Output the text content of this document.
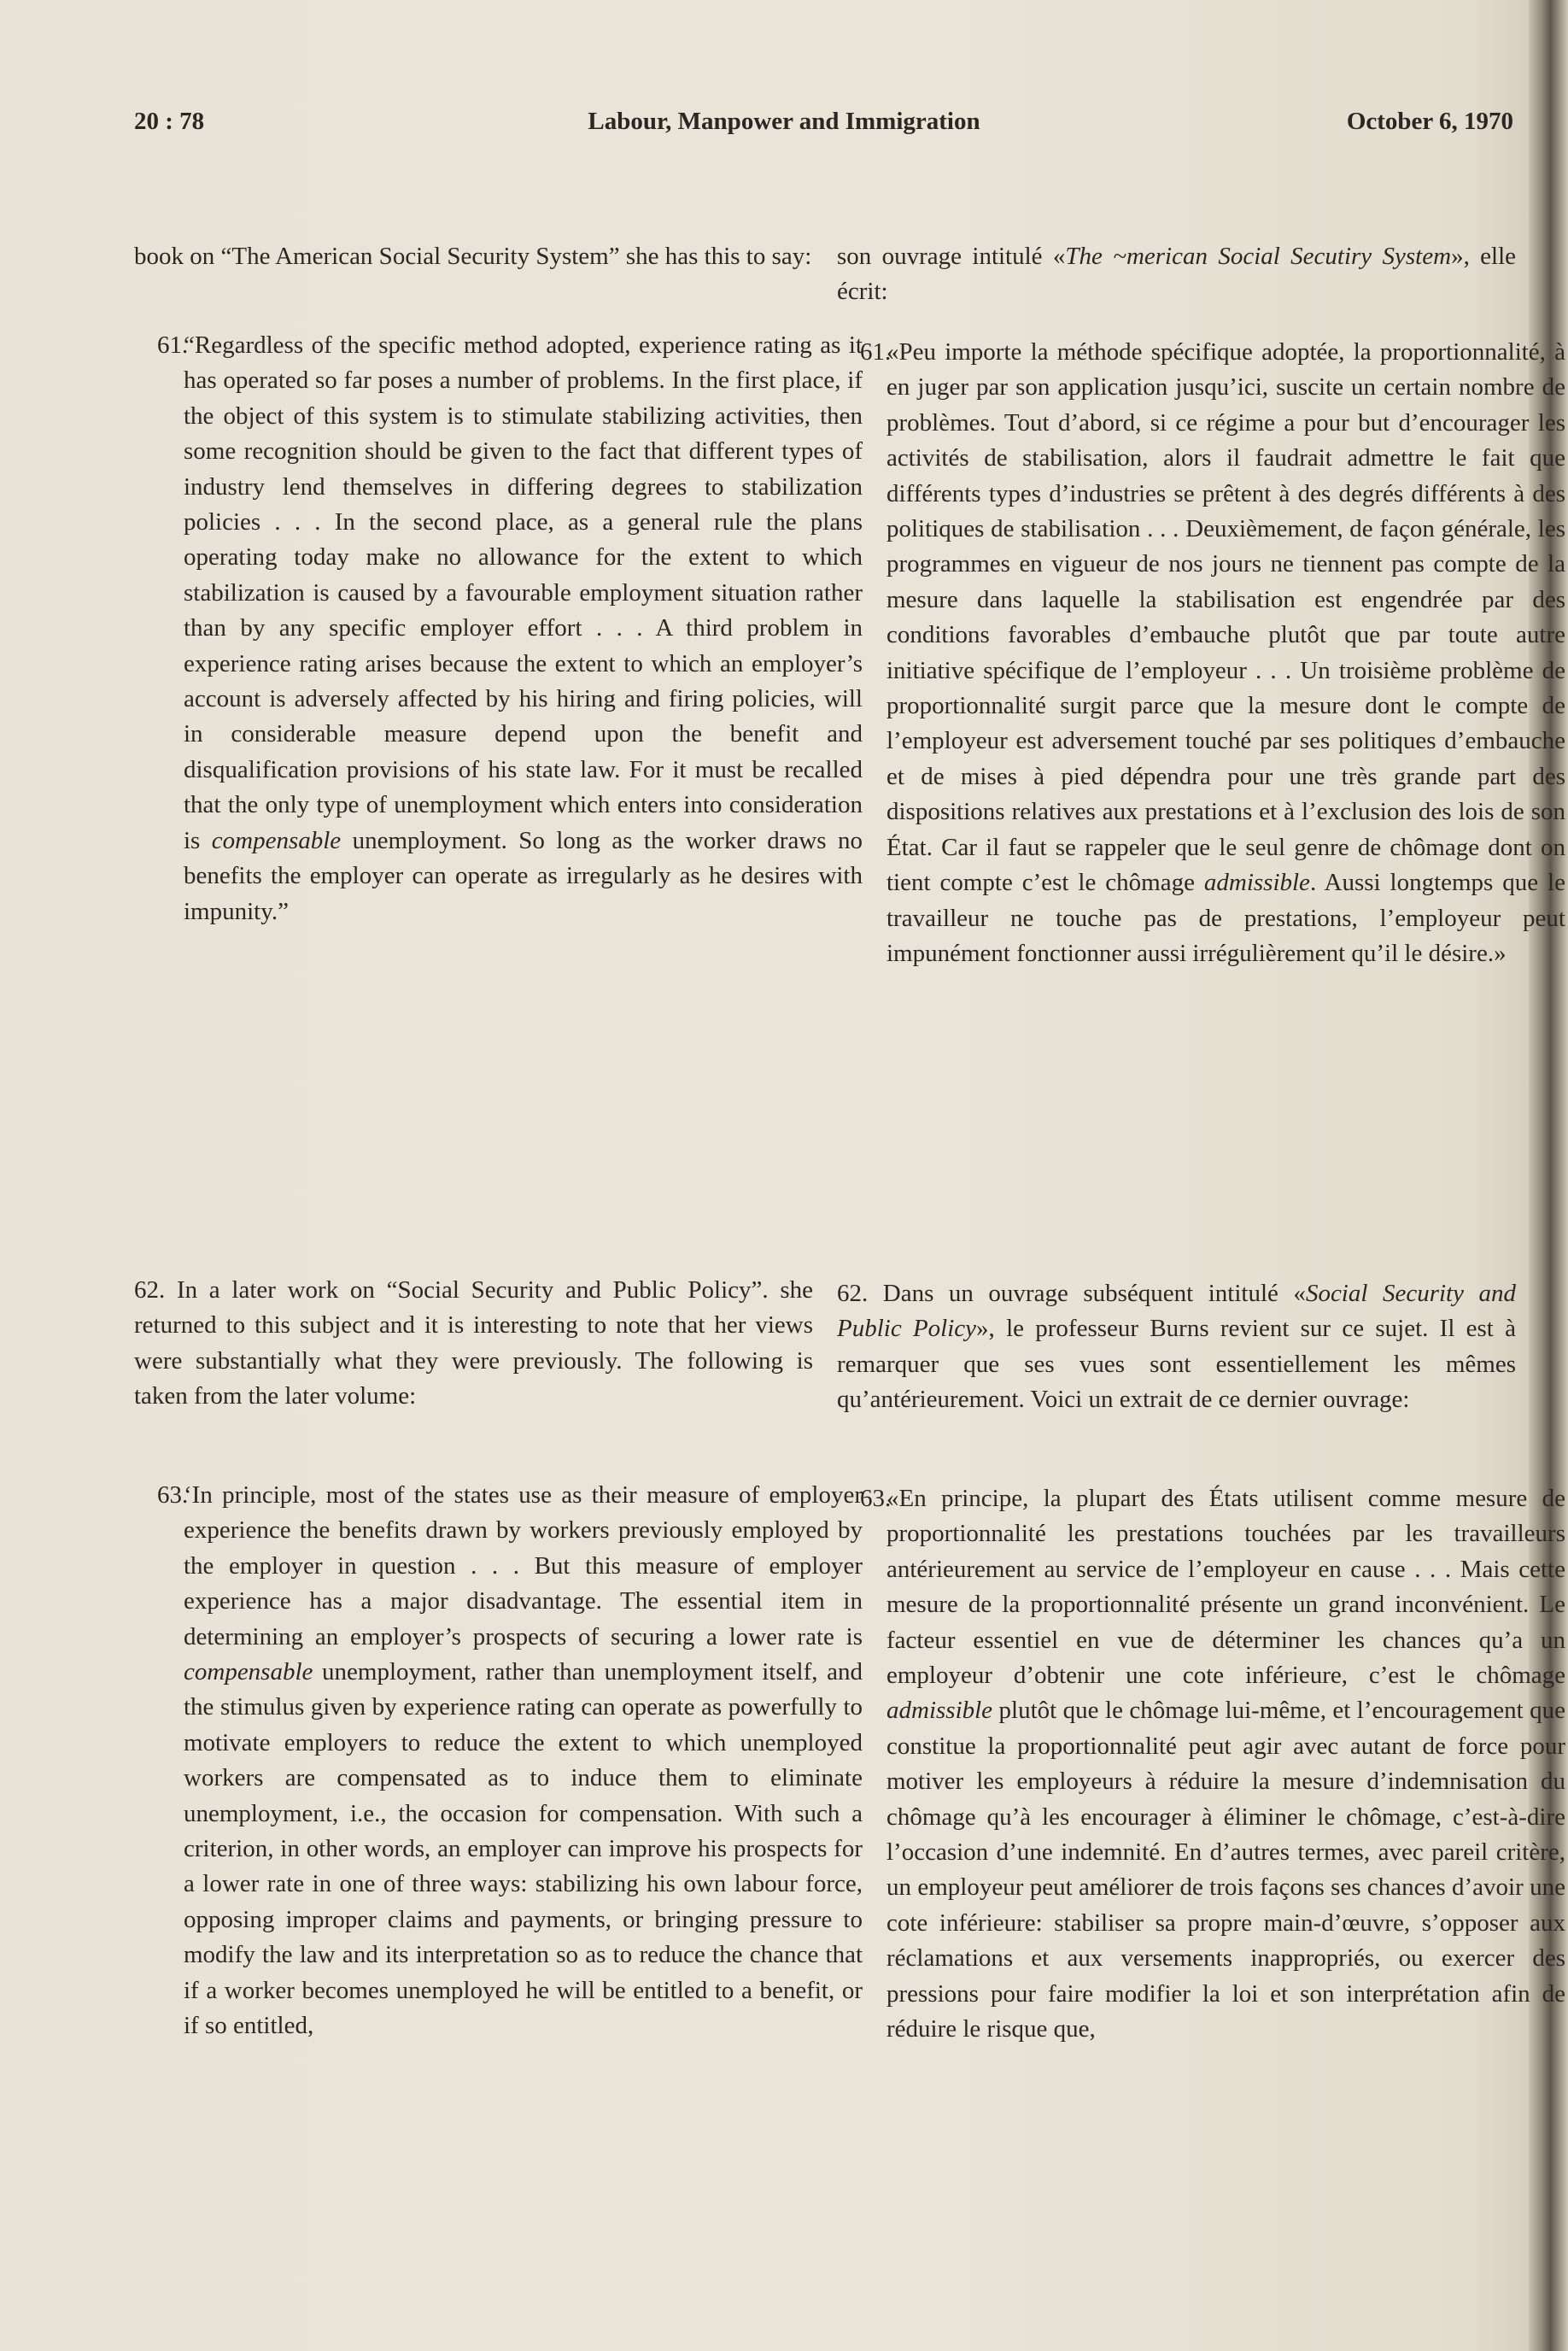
20 : 78	Labour, Manpower and Immigration	October 6, 1970

book on “The American Social Security System” she has this to say:

61.

“Regardless of the specific method adopted, experience rating as it has operated so far poses a number of problems. In the first place, if the object of this system is to stimulate stabilizing activities, then some recognition should be given to the fact that different types of industry lend themselves in differing degrees to stabilization policies . . . In the second place, as a general rule the plans operating today make no allowance for the extent to which stabilization is caused by a favourable employment situation rather than by any specific employer effort . . . A third problem in experience rating arises because the extent to which an employer’s account is adversely affected by his hiring and firing policies, will in considerable measure depend upon the benefit and disqualification provisions of his state law. For it must be recalled that the only type of unemployment which enters into consideration is compensable unemployment. So long as the worker draws no benefits the employer can operate as irregularly as he desires with impunity.”

62. In a later work on “Social Security and Public Policy”. she returned to this subject and it is interesting to note that her views were substantially what they were previously. The following is taken from the later volume:

63.

‘In principle, most of the states use as their measure of employer experience the benefits drawn by workers previously employed by the employer in question . . . But this measure of employer experience has a major disadvantage. The essential item in determining an employer’s prospects of securing a lower rate is compensable unemployment, rather than unemployment itself, and the stimulus given by experience rating can operate as powerfully to motivate employers to reduce the extent to which unemployed workers are compensated as to induce them to eliminate unemployment, i.e., the occasion for compensation. With such a criterion, in other words, an employer can improve his prospects for a lower rate in one of three ways: stabilizing his own labour force, opposing improper claims and payments, or bringing pressure to modify the law and its interpretation so as to reduce the chance that if a worker becomes unemployed he will be entitled to a benefit, or if so entitled,

son ouvrage intitulé «The ~merican Social Secutiry System», elle écrit:

61.

«Peu importe la méthode spécifique adoptée, la proportionnalité, à en juger par son application jusqu’ici, suscite un certain nombre de problèmes. Tout d’abord, si ce régime a pour but d’encourager les activités de stabilisation, alors il faudrait admettre le fait que différents types d’industries se prêtent à des degrés différents à des politiques de stabilisation . . . Deuxièmement, de façon générale, les programmes en vigueur de nos jours ne tiennent pas compte de la mesure dans laquelle la stabilisation est engendrée par des conditions favorables d’embauche plutôt que par toute autre initiative spécifique de l’employeur . . . Un troisième problème de proportionnalité surgit parce que la mesure dont le compte de l’employeur est adversement touché par ses politiques d’embauche et de mises à pied dépendra pour une très grande part des dispositions relatives aux prestations et à l’exclusion des lois de son État. Car il faut se rappeler que le seul genre de chômage dont on tient compte c’est le chômage admissible. Aussi longtemps que le travailleur ne touche pas de prestations, l’employeur peut impunément fonctionner aussi irrégulièrement qu’il le désire.»

62. Dans un ouvrage subséquent intitulé «Social Security and Public Policy», le professeur Burns revient sur ce sujet. Il est à remarquer que ses vues sont essentiellement les mêmes qu’antérieurement. Voici un extrait de ce dernier ouvrage:

63.

«En principe, la plupart des États utilisent comme mesure de proportionnalité les prestations touchées par les travailleurs antérieurement au service de l’employeur en cause . . . Mais cette mesure de la proportionnalité présente un grand inconvénient. Le facteur essentiel en vue de déterminer les chances qu’a un employeur d’obtenir une cote inférieure, c’est le chômage admissible plutôt que le chômage lui-même, et l’encouragement que constitue la proportionnalité peut agir avec autant de force pour motiver les employeurs à réduire la mesure d’indemnisation du chômage qu’à les encourager à éliminer le chômage, c’est-à-dire l’occasion d’une indemnité. En d’autres termes, avec pareil critère, un employeur peut améliorer de trois façons ses chances d’avoir une cote inférieure: stabiliser sa propre main-d’œuvre, s’opposer aux réclamations et aux versements inappropriés, ou exercer des pressions pour faire modifier la loi et son interprétation afin de réduire le risque que,
